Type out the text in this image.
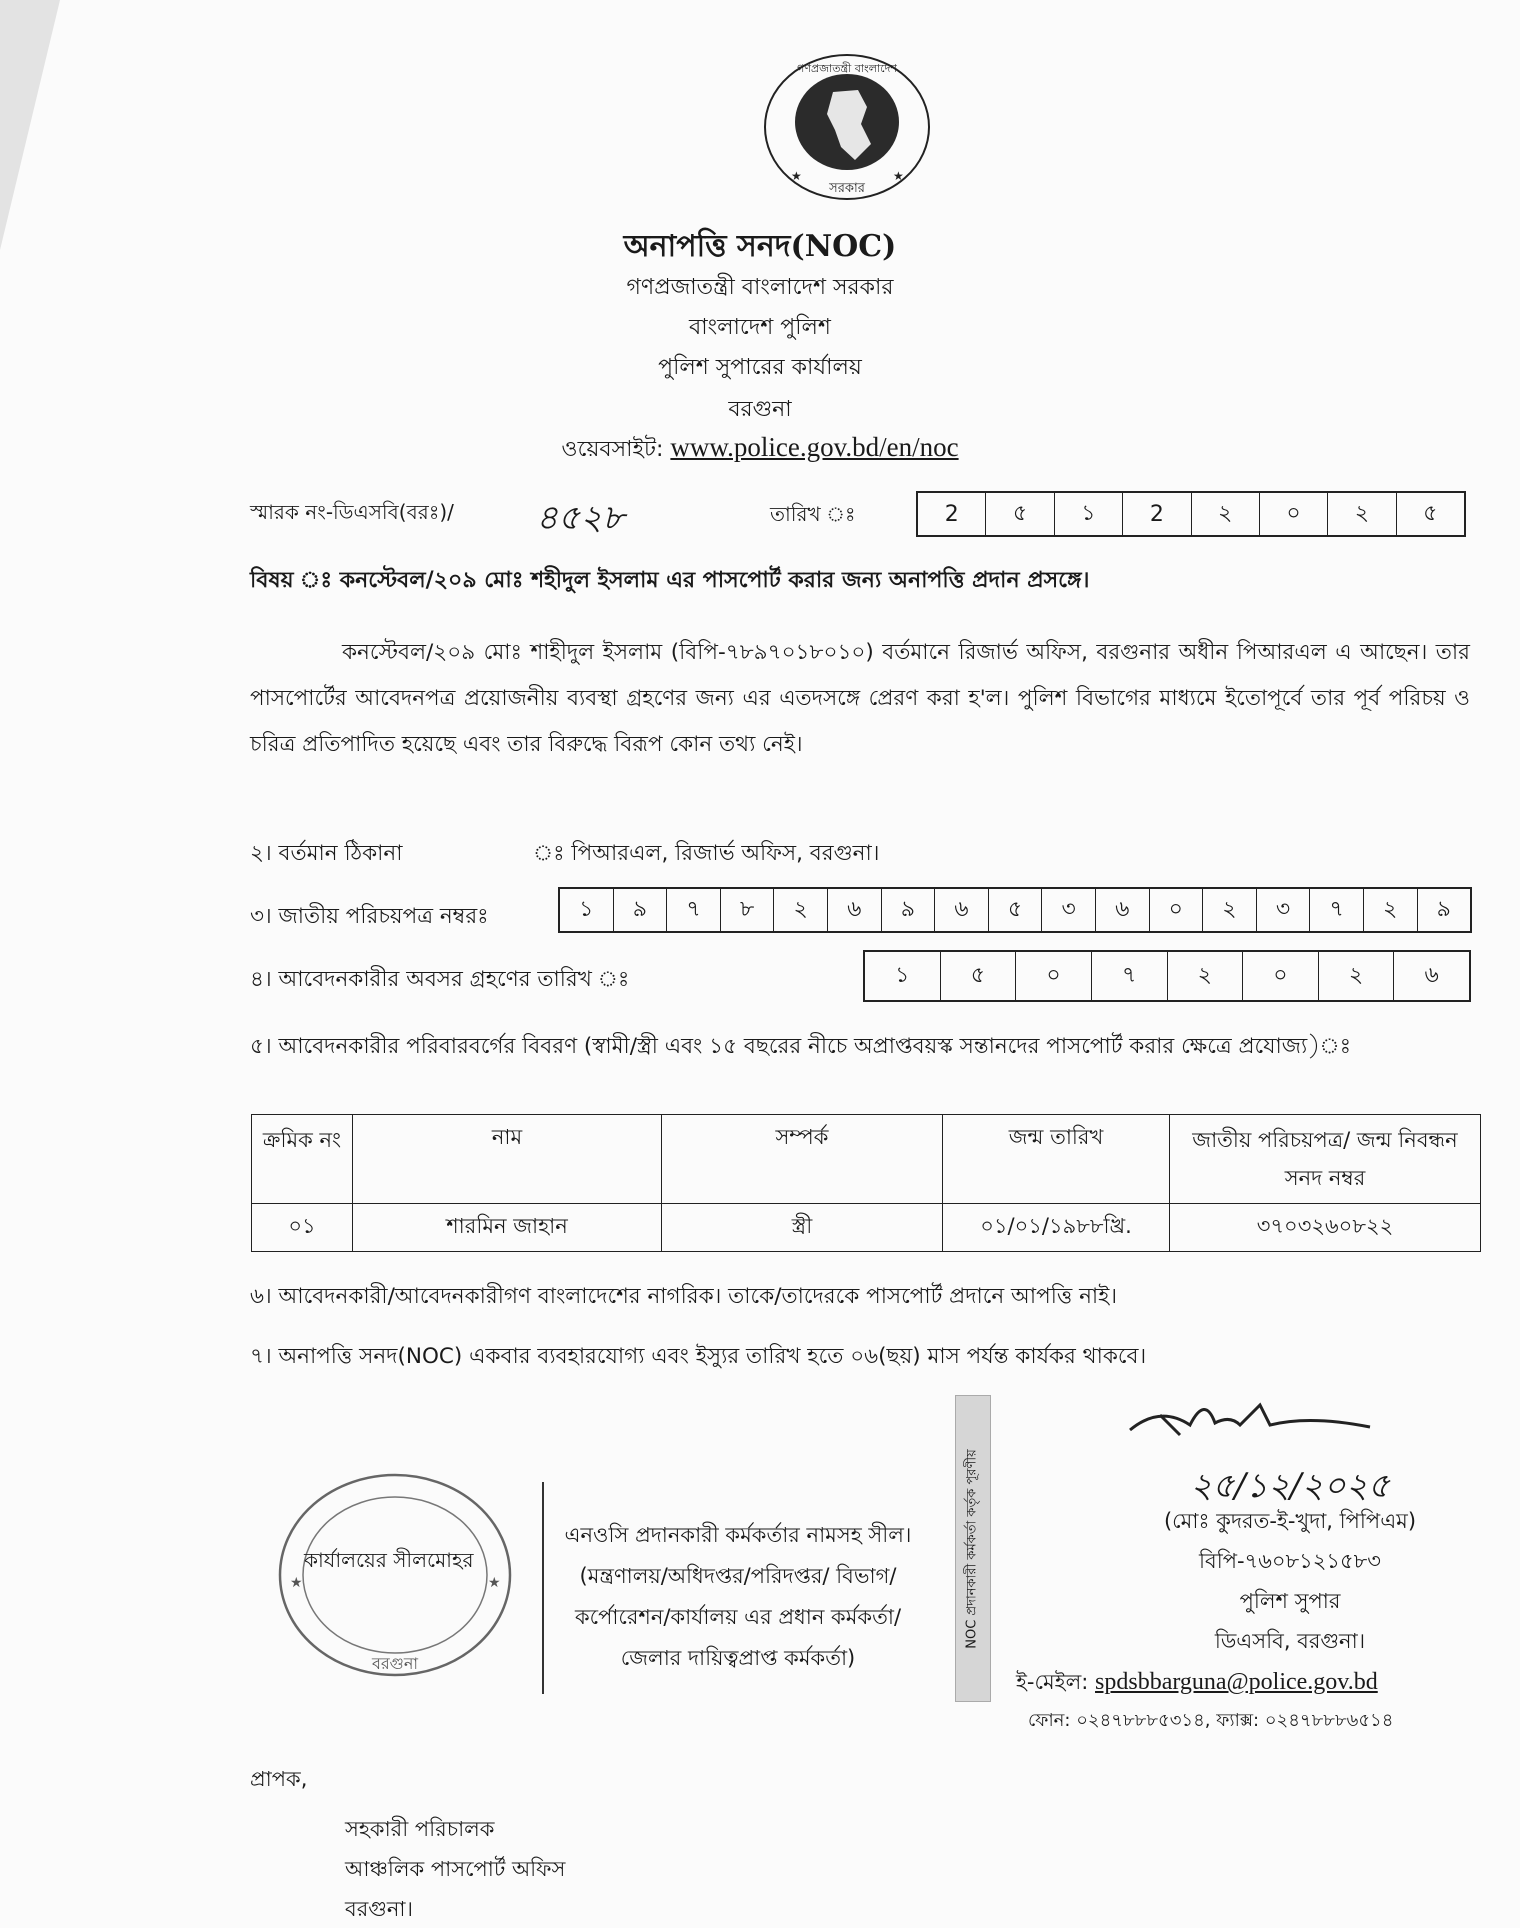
গণপ্রজাতন্ত্রী বাংলাদেশ
সরকার
★	★
অনাপত্তি সনদ(NOC)
গণপ্রজাতন্ত্রী বাংলাদেশ সরকার
বাংলাদেশ পুলিশ
পুলিশ সুপারের কার্যালয়
বরগুনা
ওয়েবসাইট: www.police.gov.bd/en/noc
স্মারক নং-ডিএসবি(বরঃ)/ ৪৫২৮	তারিখ ঃ	2	৫	১	2	২	০	২	৫
বিষয় ঃ কনস্টেবল/২০৯ মোঃ শহীদুল ইসলাম এর পাসপোর্ট করার জন্য অনাপত্তি প্রদান প্রসঙ্গে।
কনস্টেবল/২০৯ মোঃ শাহীদুল ইসলাম (বিপি-৭৮৯৭০১৮০১০) বর্তমানে রিজার্ভ অফিস, বরগুনার অধীন পিআরএল এ আছেন। তার পাসপোর্টের আবেদনপত্র প্রয়োজনীয় ব্যবস্থা গ্রহণের জন্য এর এতদসঙ্গে প্রেরণ করা হ'ল। পুলিশ বিভাগের মাধ্যমে ইতোপূর্বে তার পূর্ব পরিচয় ও চরিত্র প্রতিপাদিত হয়েছে এবং তার বিরুদ্ধে বিরূপ কোন তথ্য নেই।
২। বর্তমান ঠিকানা	ঃ পিআরএল, রিজার্ভ অফিস, বরগুনা।
৩। জাতীয় পরিচয়পত্র নম্বরঃ	১	৯	৭	৮	২	৬	৯	৬	৫	৩	৬	০	২	৩	৭	২	৯
৪। আবেদনকারীর অবসর গ্রহণের তারিখ ঃ	১	৫	০	৭	২	০	২	৬
৫। আবেদনকারীর পরিবারবর্গের বিবরণ (স্বামী/স্ত্রী এবং ১৫ বছরের নীচে অপ্রাপ্তবয়স্ক সন্তানদের পাসপোর্ট করার ক্ষেত্রে প্রযোজ্য)ঃ
ক্রমিক নং	নাম	সম্পর্ক	জন্ম তারিখ	জাতীয় পরিচয়পত্র/ জন্ম নিবন্ধন সনদ নম্বর
০১	শারমিন জাহান	স্ত্রী	০১/০১/১৯৮৮খ্রি.	৩৭০৩২৬০৮২২
৬। আবেদনকারী/আবেদনকারীগণ বাংলাদেশের নাগরিক। তাকে/তাদেরকে পাসপোর্ট প্রদানে আপত্তি নাই।
৭। অনাপত্তি সনদ(NOC) একবার ব্যবহারযোগ্য এবং ইস্যুর তারিখ হতে ০৬(ছয়) মাস পর্যন্ত কার্যকর থাকবে।
★	★
বরগুনা
কার্যালয়ের সীলমোহর
এনওসি প্রদানকারী কর্মকর্তার নামসহ সীল। (মন্ত্রণালয়/অধিদপ্তর/পরিদপ্তর/ বিভাগ/কর্পোরেশন/কার্যালয় এর প্রধান কর্মকর্তা/জেলার দায়িত্বপ্রাপ্ত কর্মকর্তা)
NOC প্রদানকারী কর্মকর্তা কর্তৃক পূরণীয়	২৫/১২/২০২৫
(মোঃ কুদরত-ই-খুদা, পিপিএম)
বিপি-৭৬০৮১২১৫৮৩
পুলিশ সুপার
ডিএসবি, বরগুনা।
ই-মেইল: spdsbbarguna@police.gov.bd
ফোন: ০২৪৭৮৮৮৫৩১৪, ফ্যাক্স: ০২৪৭৮৮৮৬৫১৪
প্রাপক,
সহকারী পরিচালক
আঞ্চলিক পাসপোর্ট অফিস
বরগুনা।
